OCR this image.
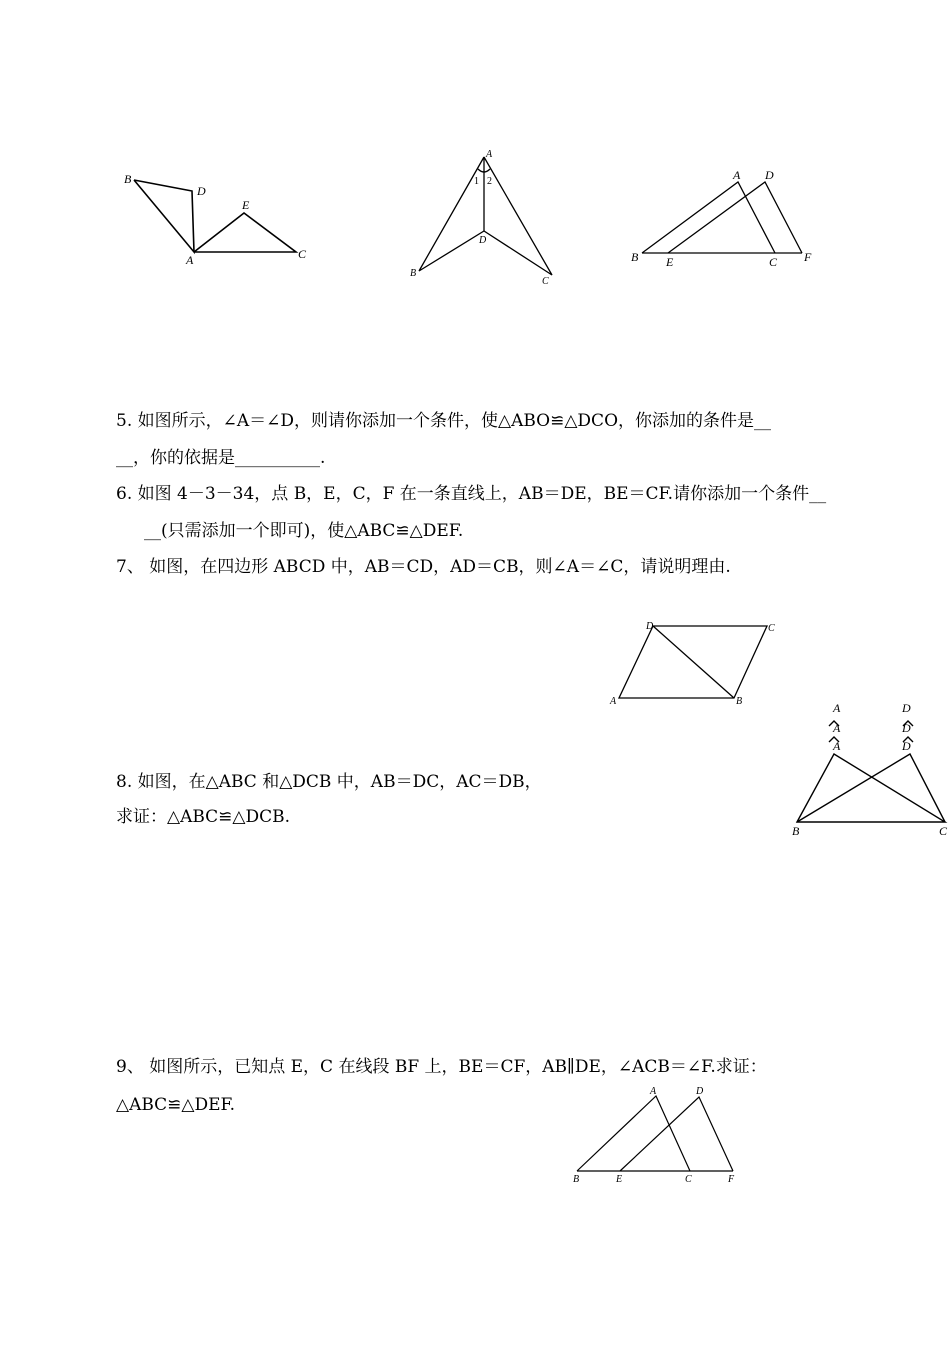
B
D
E
A	C
A
1 2
D
B
C
A D
B E	C F
5. 如图所示，∠A＝∠D，则请你添加一个条件，使△ABO≌△DCO，你添加的条件是__
__，你的依据是__________.
6. 如图 4－3－34，点 B，E，C，F 在一条直线上，AB＝DE，BE＝CF.请你添加一个条件__
__(只需添加一个即可)，使△ABC≌△DEF.
7、 如图，在四边形 ABCD 中，AB＝CD，AD＝CB，则∠A＝∠C，请说明理由.
D	C
A	B
8. 如图，在△ABC 和△DCB 中，AB＝DC，AC＝DB，
求证：△ABC≌△DCB.
A
A
A
D
D
D
B	C
9、 如图所示，已知点 E，C 在线段 BF 上，BE＝CF，AB∥DE，∠ACB＝∠F.求证：
△ABC≌△DEF.
A	D
B	E	C	F
